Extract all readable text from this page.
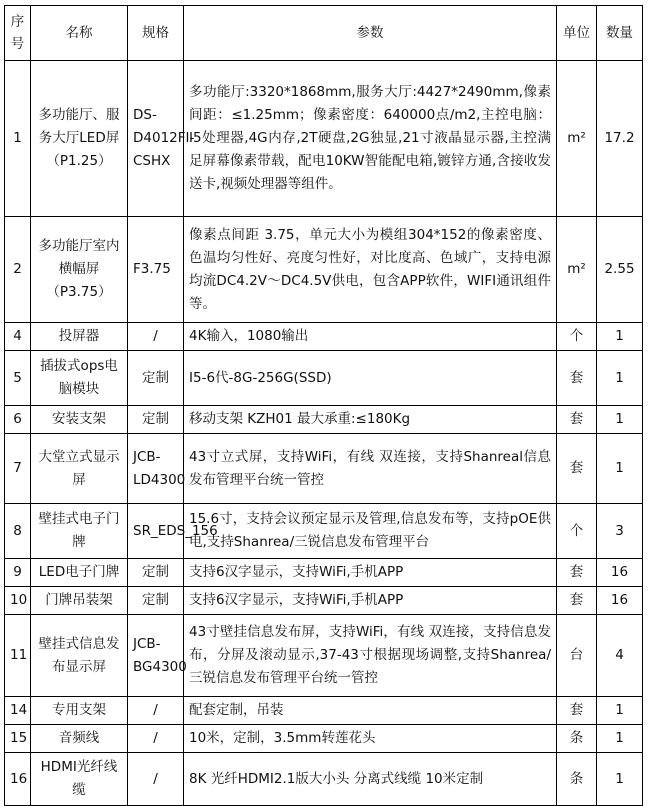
序号	名称	规格	参数	单位	数量
1	多功能厅、服务大厅LED屏（P1.25）	DS-D4012FI-CSHX	多功能厅:3320*1868mm,服务大厅:4427*2490mm,像素间距：≤1.25mm；像素密度：640000点/m2,主控电脑：I5处理器,4G内存,2T硬盘,2G独显,21寸液晶显示器,主控满足屏幕像素带载，配电10KW智能配电箱,镀锌方通,含接收发送卡,视频处理器等组件。	m²	17.2
2	多功能厅室内横幅屏（P3.75）	F3.75	像素点间距 3.75，单元大小为模组304*152的像素密度、色温均匀性好、亮度匀性好，对比度高、色域广，支持电源均流DC4.2V～DC4.5V供电，包含APP软件，WIFI通讯组件等。	m²	2.55
4	投屏器	/	4K输入，1080输出	个	1
5	插拔式ops电脑模块	定制	I5-6代-8G-256G(SSD)	套	1
6	安装支架	定制	移动支架 KZH01 最大承重:≤180Kg	套	1
7	大堂立式显示屏	JCB-LD4300	43寸立式屏，支持WiFi，有线 双连接，支持Shanreal信息发布管理平台统一管控	套	1
8	壁挂式电子门牌	SR_EDS_156	15.6寸，支持会议预定显示及管理,信息发布等，支持pOE供电,支持Shanrea/三锐信息发布管理平台	个	3
9	LED电子门牌	定制	支持6汉字显示，支持WiFi,手机APP	套	16
10	门牌吊装架	定制	支持6汉字显示，支持WiFi,手机APP	套	16
11	壁挂式信息发布显示屏	JCB-BG4300	43寸壁挂信息发布屏，支持WiFi，有线 双连接，支持信息发布，分屏及滚动显示,37-43寸根据现场调整,支持Shanrea/三锐信息发布管理平台统一管控	台	4
14	专用支架	/	配套定制，吊装	套	1
15	音频线	/	10米，定制，3.5mm转莲花头	条	1
16	HDMI光纤线缆	/	8K 光纤HDMI2.1版大小头 分离式线缆 10米定制	条	1
